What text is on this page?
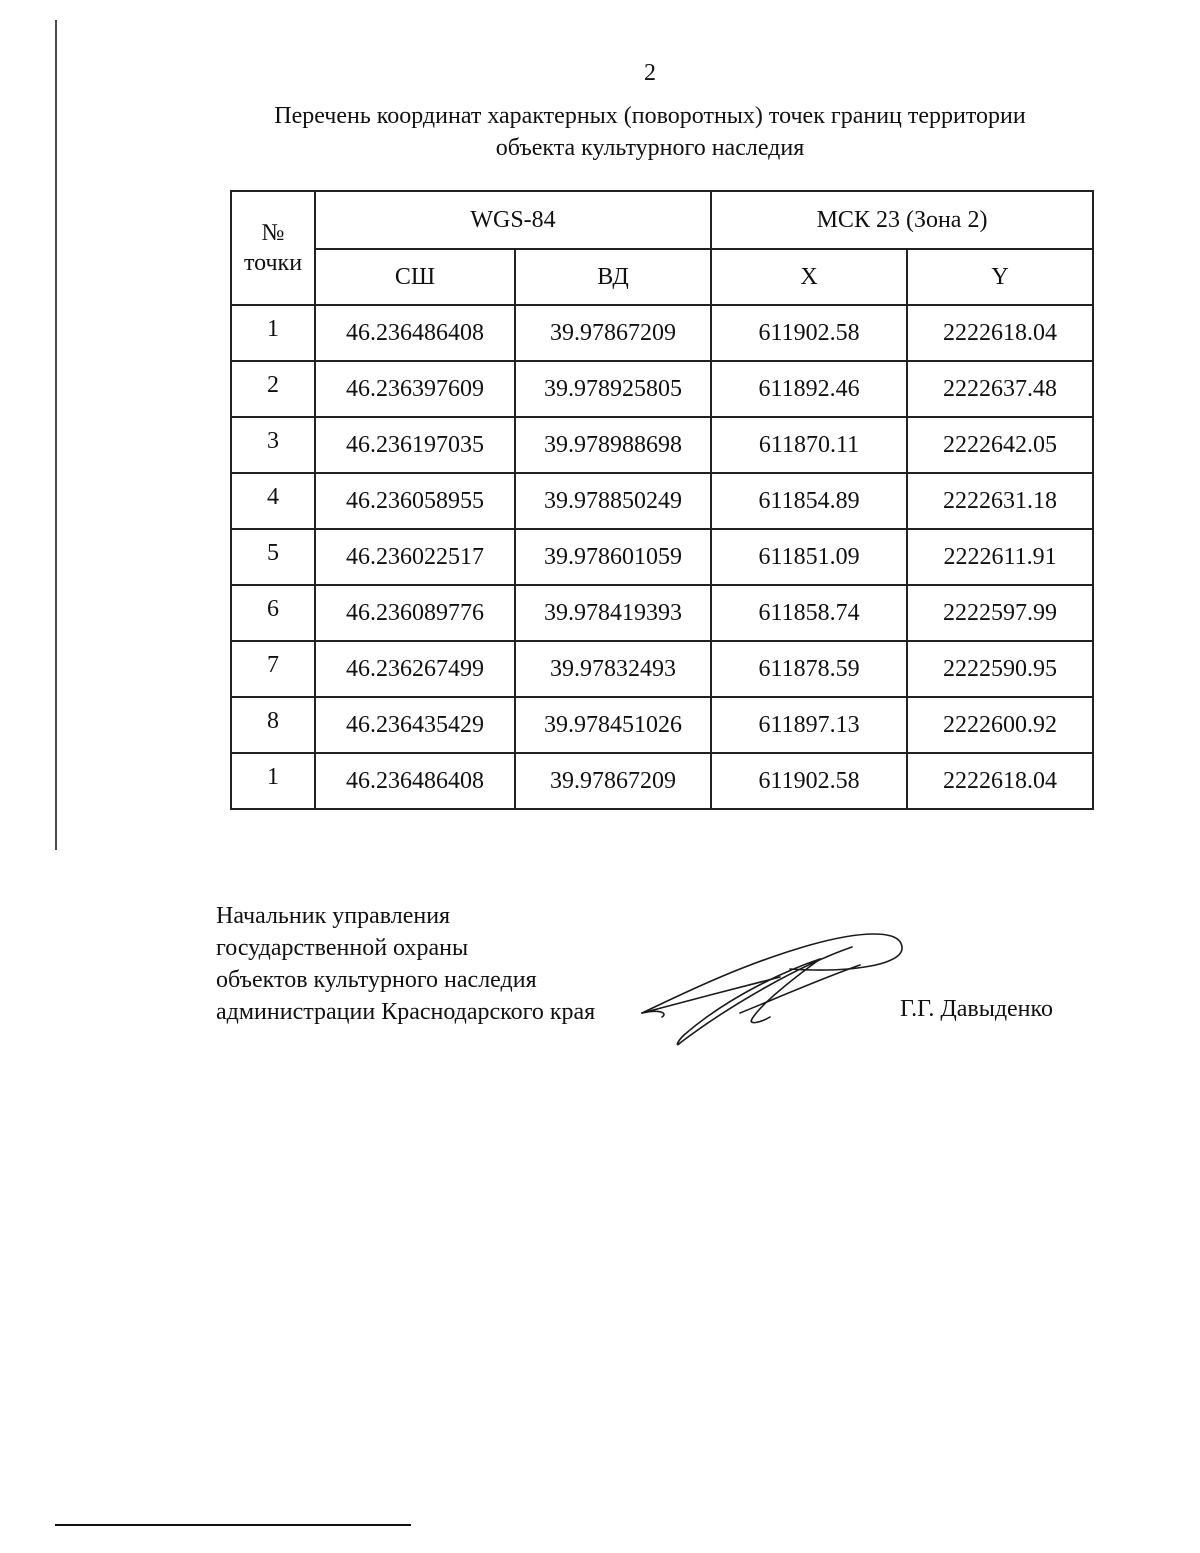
2
Перечень координат характерных (поворотных) точек границ территории
объекта культурного наследия
№
точки	WGS-84		МСК 23 (Зона 2)	
	СШ	ВД	X	Y
1	46.236486408	39.97867209	611902.58	2222618.04
2	46.236397609	39.978925805	611892.46	2222637.48
3	46.236197035	39.978988698	611870.11	2222642.05
4	46.236058955	39.978850249	611854.89	2222631.18
5	46.236022517	39.978601059	611851.09	2222611.91
6	46.236089776	39.978419393	611858.74	2222597.99
7	46.236267499	39.97832493	611878.59	2222590.95
8	46.236435429	39.978451026	611897.13	2222600.92
1	46.236486408	39.97867209	611902.58	2222618.04
Начальник управления
государственной охраны
объектов культурного наследия
администрации Краснодарского края	Г.Г. Давыденко
